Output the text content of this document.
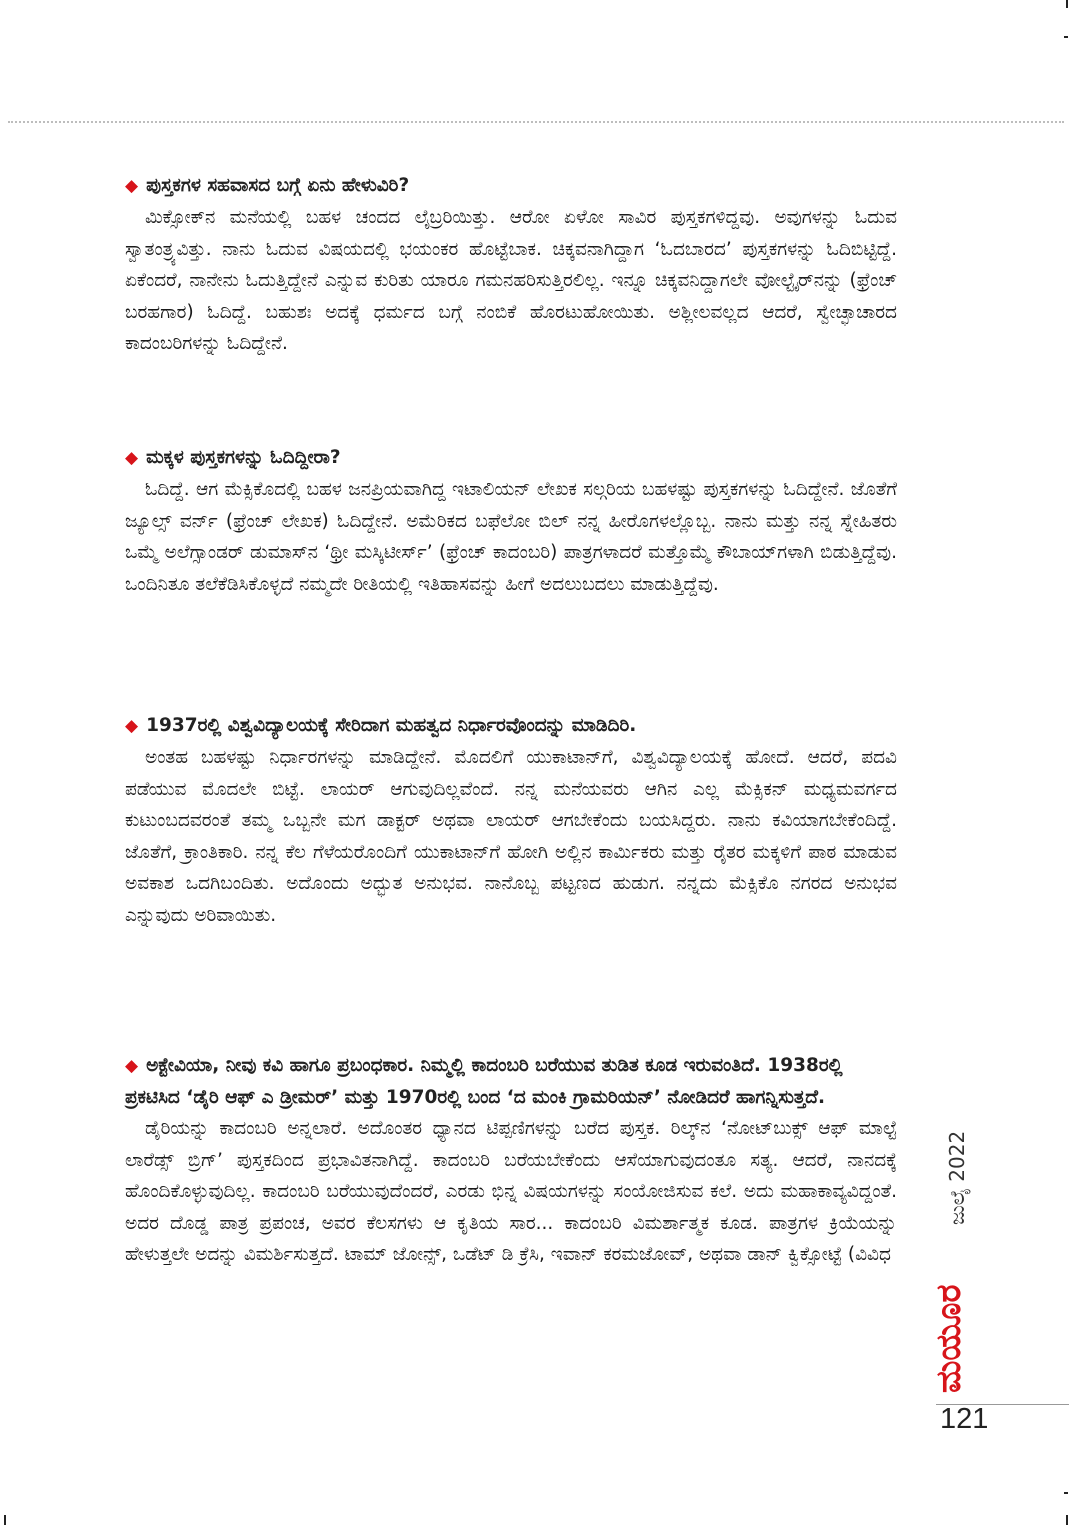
◆ ಪುಸ್ತಕಗಳ ಸಹವಾಸದ ಬಗ್ಗೆ ಏನು ಹೇಳುವಿರಿ?

ಮಿಕ್ಸೋಕ್‌ನ ಮನೆಯಲ್ಲಿ ಬಹಳ ಚಂದದ ಲೈಬ್ರರಿಯಿತ್ತು. ಆರೋ ಏಳೋ ಸಾವಿರ ಪುಸ್ತಕಗಳಿದ್ದವು. ಅವುಗಳನ್ನು ಓದುವ ಸ್ವಾತಂತ್ರ್ಯವಿತ್ತು. ನಾನು ಓದುವ ವಿಷಯದಲ್ಲಿ ಭಯಂಕರ ಹೊಟ್ಟೆಬಾಕ. ಚಿಕ್ಕವನಾಗಿದ್ದಾಗ ‘ಓದಬಾರದ’ ಪುಸ್ತಕಗಳನ್ನು ಓದಿಬಿಟ್ಟಿದ್ದೆ. ಏಕೆಂದರೆ, ನಾನೇನು ಓದುತ್ತಿದ್ದೇನೆ ಎನ್ನುವ ಕುರಿತು ಯಾರೂ ಗಮನಹರಿಸುತ್ತಿರಲಿಲ್ಲ. ಇನ್ನೂ ಚಿಕ್ಕವನಿದ್ದಾಗಲೇ ವೋಲ್ಟೈರ್‌ನನ್ನು (ಫ್ರೆಂಚ್ ಬರಹಗಾರ) ಓದಿದ್ದೆ. ಬಹುಶಃ ಅದಕ್ಕೆ ಧರ್ಮದ ಬಗ್ಗೆ ನಂಬಿಕೆ ಹೊರಟುಹೋಯಿತು. ಅಶ್ಲೀಲವಲ್ಲದ ಆದರೆ, ಸ್ವೇಚ್ಛಾಚಾರದ ಕಾದಂಬರಿಗಳನ್ನು ಓದಿದ್ದೇನೆ.

◆ ಮಕ್ಕಳ ಪುಸ್ತಕಗಳನ್ನು ಓದಿದ್ದೀರಾ?

ಓದಿದ್ದೆ. ಆಗ ಮೆಕ್ಸಿಕೊದಲ್ಲಿ ಬಹಳ ಜನಪ್ರಿಯವಾಗಿದ್ದ ಇಟಾಲಿಯನ್ ಲೇಖಕ ಸಲ್ಗರಿಯ ಬಹಳಷ್ಟು ಪುಸ್ತಕಗಳನ್ನು ಓದಿದ್ದೇನೆ. ಜೊತೆಗೆ ಜ್ಯೂಲ್ಸ್ ವರ್ನ್ (ಫ್ರೆಂಚ್ ಲೇಖಕ) ಓದಿದ್ದೇನೆ. ಅಮೆರಿಕದ ಬಫೆಲೋ ಬಿಲ್ ನನ್ನ ಹೀರೊಗಳಲ್ಲೊಬ್ಬ. ನಾನು ಮತ್ತು ನನ್ನ ಸ್ನೇಹಿತರು ಒಮ್ಮೆ ಅಲೆಗ್ಸಾಂಡರ್ ಡುಮಾಸ್‌ನ ‘ಥ್ರೀ ಮಸ್ಕಿಟೀರ್ಸ್’ (ಫ್ರೆಂಚ್ ಕಾದಂಬರಿ) ಪಾತ್ರಗಳಾದರೆ ಮತ್ತೊಮ್ಮೆ ಕೌಬಾಯ್‌ಗಳಾಗಿ ಬಿಡುತ್ತಿದ್ದೆವು. ಒಂದಿನಿತೂ ತಲೆಕೆಡಿಸಿಕೊಳ್ಳದೆ ನಮ್ಮದೇ ರೀತಿಯಲ್ಲಿ ಇತಿಹಾಸವನ್ನು ಹೀಗೆ ಅದಲುಬದಲು ಮಾಡುತ್ತಿದ್ದೆವು.

◆ 1937ರಲ್ಲಿ ವಿಶ್ವವಿದ್ಯಾಲಯಕ್ಕೆ ಸೇರಿದಾಗ ಮಹತ್ವದ ನಿರ್ಧಾರವೊಂದನ್ನು ಮಾಡಿದಿರಿ.

ಅಂತಹ ಬಹಳಷ್ಟು ನಿರ್ಧಾರಗಳನ್ನು ಮಾಡಿದ್ದೇನೆ. ಮೊದಲಿಗೆ ಯುಕಾಟಾನ್‌ಗೆ, ವಿಶ್ವವಿದ್ಯಾಲಯಕ್ಕೆ ಹೋದೆ. ಆದರೆ, ಪದವಿ ಪಡೆಯುವ ಮೊದಲೇ ಬಿಟ್ಟೆ. ಲಾಯರ್ ಆಗುವುದಿಲ್ಲವೆಂದೆ. ನನ್ನ ಮನೆಯವರು ಆಗಿನ ಎಲ್ಲ ಮೆಕ್ಸಿಕನ್ ಮಧ್ಯಮವರ್ಗದ ಕುಟುಂಬದವರಂತೆ ತಮ್ಮ ಒಬ್ಬನೇ ಮಗ ಡಾಕ್ಟರ್ ಅಥವಾ ಲಾಯರ್ ಆಗಬೇಕೆಂದು ಬಯಸಿದ್ದರು. ನಾನು ಕವಿಯಾಗಬೇಕೆಂದಿದ್ದೆ. ಜೊತೆಗೆ, ಕ್ರಾಂತಿಕಾರಿ. ನನ್ನ ಕೆಲ ಗೆಳೆಯರೊಂದಿಗೆ ಯುಕಾಟಾನ್‌ಗೆ ಹೋಗಿ ಅಲ್ಲಿನ ಕಾರ್ಮಿಕರು ಮತ್ತು ರೈತರ ಮಕ್ಕಳಿಗೆ ಪಾಠ ಮಾಡುವ ಅವಕಾಶ ಒದಗಿಬಂದಿತು. ಅದೊಂದು ಅದ್ಭುತ ಅನುಭವ. ನಾನೊಬ್ಬ ಪಟ್ಟಣದ ಹುಡುಗ. ನನ್ನದು ಮೆಕ್ಸಿಕೊ ನಗರದ ಅನುಭವ ಎನ್ನುವುದು ಅರಿವಾಯಿತು.

◆ ಅಕ್ಟೇವಿಯಾ, ನೀವು ಕವಿ ಹಾಗೂ ಪ್ರಬಂಧಕಾರ. ನಿಮ್ಮಲ್ಲಿ ಕಾದಂಬರಿ ಬರೆಯುವ ತುಡಿತ ಕೂಡ ಇರುವಂತಿದೆ. 1938ರಲ್ಲಿ ಪ್ರಕಟಿಸಿದ ‘ಡೈರಿ ಆಫ್ ಎ ಡ್ರೀಮರ್’ ಮತ್ತು 1970ರಲ್ಲಿ ಬಂದ ‘ದ ಮಂಕಿ ಗ್ರಾಮರಿಯನ್’ ನೋಡಿದರೆ ಹಾಗನ್ನಿಸುತ್ತದೆ.

ಡೈರಿಯನ್ನು ಕಾದಂಬರಿ ಅನ್ನಲಾರೆ. ಅದೊಂತರ ಧ್ಯಾನದ ಟಿಪ್ಪಣಿಗಳನ್ನು ಬರೆದ ಪುಸ್ತಕ. ರಿಲ್ಕ್‌ನ ‘ನೋಟ್‌ಬುಕ್ಸ್ ಆಫ್ ಮಾಲ್ಟೆ ಲಾರೆಡ್ಸ್ ಬ್ರಿಗ್’ ಪುಸ್ತಕದಿಂದ ಪ್ರಭಾವಿತನಾಗಿದ್ದೆ. ಕಾದಂಬರಿ ಬರೆಯಬೇಕೆಂದು ಆಸೆಯಾಗುವುದಂತೂ ಸತ್ಯ. ಆದರೆ, ನಾನದಕ್ಕೆ ಹೊಂದಿಕೊಳ್ಳುವುದಿಲ್ಲ. ಕಾದಂಬರಿ ಬರೆಯುವುದೆಂದರೆ, ಎರಡು ಭಿನ್ನ ವಿಷಯಗಳನ್ನು ಸಂಯೋಜಿಸುವ ಕಲೆ. ಅದು ಮಹಾಕಾವ್ಯವಿದ್ದಂತೆ. ಅದರ ದೊಡ್ಡ ಪಾತ್ರ ಪ್ರಪಂಚ, ಅವರ ಕೆಲಸಗಳು ಆ ಕೃತಿಯ ಸಾರ... ಕಾದಂಬರಿ ವಿಮರ್ಶಾತ್ಮಕ ಕೂಡ. ಪಾತ್ರಗಳ ಕ್ರಿಯೆಯನ್ನು ಹೇಳುತ್ತಲೇ ಅದನ್ನು ವಿಮರ್ಶಿಸುತ್ತದೆ. ಟಾಮ್ ಜೋನ್ಸ್, ಒಡೆಟ್ ಡಿ ಕ್ರೆಸಿ, ಇವಾನ್ ಕರಮಜೋವ್, ಅಥವಾ ಡಾನ್ ಕ್ವಿಕ್ಸೋಟ್ಟೆ (ವಿವಿಧ

ಜುಲೈ 2022
ಮಯೂರ
121
